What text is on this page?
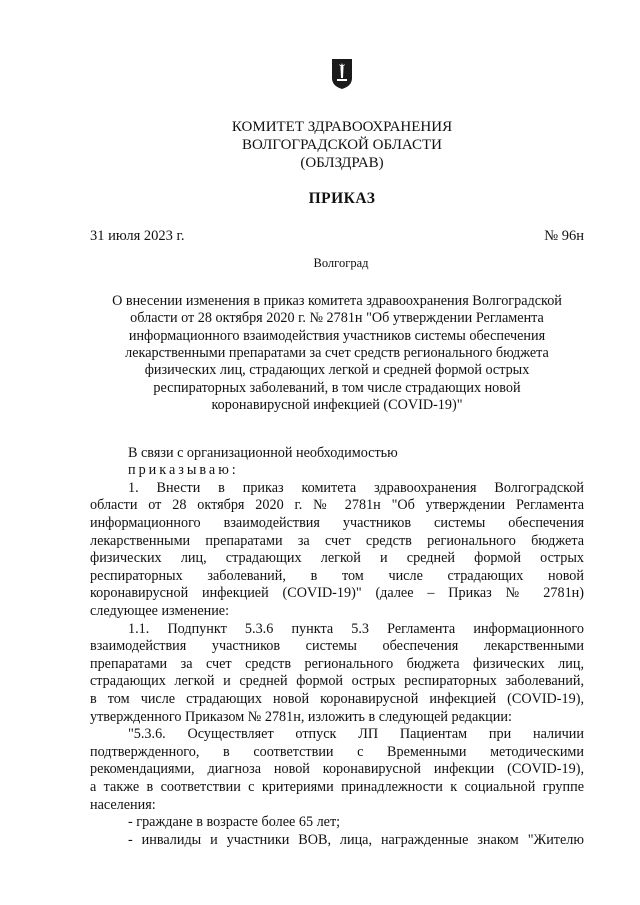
КОМИТЕТ ЗДРАВООХРАНЕНИЯ
ВОЛГОГРАДСКОЙ ОБЛАСТИ
(ОБЛЗДРАВ)
ПРИКАЗ
31 июля 2023 г.	№ 96н
Волгоград
О внесении изменения в приказ комитета здравоохранения Волгоградской
области от 28 октября 2020 г. № 2781н "Об утверждении Регламента
информационного взаимодействия участников системы обеспечения
лекарственными препаратами за счет средств регионального бюджета
физических лиц, страдающих легкой и средней формой острых
респираторных заболеваний, в том числе страдающих новой
коронавирусной инфекцией (COVID-19)"
В связи с организационной необходимостью
приказываю:
1. Внести в приказ комитета здравоохранения Волгоградской
области от 28 октября 2020 г. № 2781н "Об утверждении Регламента
информационного взаимодействия участников системы обеспечения
лекарственными препаратами за счет средств регионального бюджета
физических лиц, страдающих легкой и средней формой острых
респираторных заболеваний, в том числе страдающих новой
коронавирусной инфекцией (COVID-19)" (далее – Приказ № 2781н)
следующее изменение:
1.1. Подпункт 5.3.6 пункта 5.3 Регламента информационного
взаимодействия участников системы обеспечения лекарственными
препаратами за счет средств регионального бюджета физических лиц,
страдающих легкой и средней формой острых респираторных заболеваний,
в том числе страдающих новой коронавирусной инфекцией (COVID-19),
утвержденного Приказом № 2781н, изложить в следующей редакции:
"5.3.6. Осуществляет отпуск ЛП Пациентам при наличии
подтвержденного, в соответствии с Временными методическими
рекомендациями, диагноза новой коронавирусной инфекции (COVID-19),
а также в соответствии с критериями принадлежности к социальной группе
населения:
- граждане в возрасте более 65 лет;
- инвалиды и участники ВОВ, лица, награжденные знаком "Жителю
